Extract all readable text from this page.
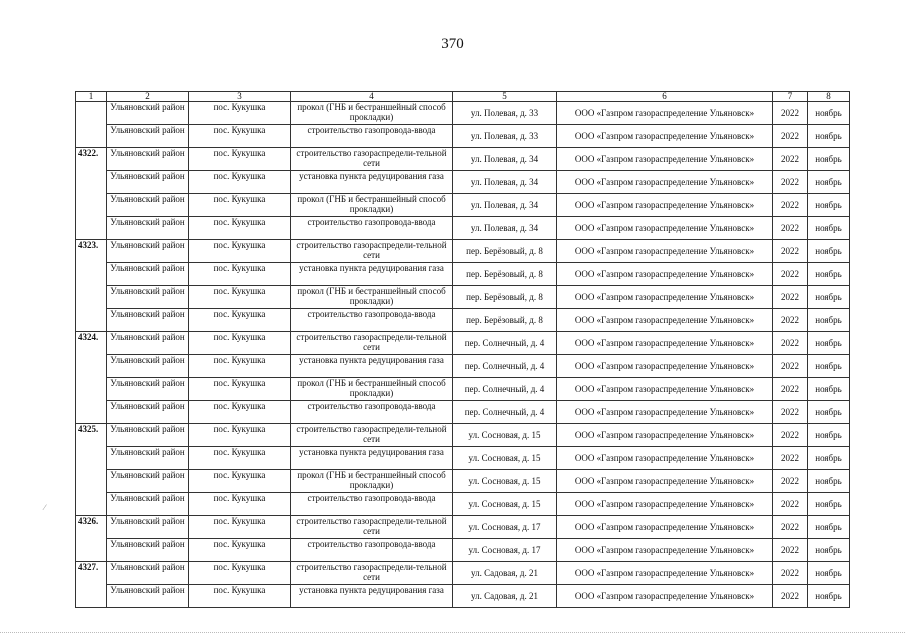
370
1	2	3	4	5	6	7	8
	Ульяновский район	пос. Кукушка	прокол (ГНБ и бестраншейный способ прокладки)	ул. Полевая, д. 33	ООО «Газпром газораспределение Ульяновск»	2022	ноябрь
	Ульяновский район	пос. Кукушка	строительство газопровода-ввода	ул. Полевая, д. 33	ООО «Газпром газораспределение Ульяновск»	2022	ноябрь
4322.	Ульяновский район	пос. Кукушка	строительство газораспредели-тельной сети	ул. Полевая, д. 34	ООО «Газпром газораспределение Ульяновск»	2022	ноябрь
	Ульяновский район	пос. Кукушка	установка пункта редуцирования газа	ул. Полевая, д. 34	ООО «Газпром газораспределение Ульяновск»	2022	ноябрь
	Ульяновский район	пос. Кукушка	прокол (ГНБ и бестраншейный способ прокладки)	ул. Полевая, д. 34	ООО «Газпром газораспределение Ульяновск»	2022	ноябрь
	Ульяновский район	пос. Кукушка	строительство газопровода-ввода	ул. Полевая, д. 34	ООО «Газпром газораспределение Ульяновск»	2022	ноябрь
4323.	Ульяновский район	пос. Кукушка	строительство газораспредели-тельной сети	пер. Берёзовый, д. 8	ООО «Газпром газораспределение Ульяновск»	2022	ноябрь
	Ульяновский район	пос. Кукушка	установка пункта редуцирования газа	пер. Берёзовый, д. 8	ООО «Газпром газораспределение Ульяновск»	2022	ноябрь
	Ульяновский район	пос. Кукушка	прокол (ГНБ и бестраншейный способ прокладки)	пер. Берёзовый, д. 8	ООО «Газпром газораспределение Ульяновск»	2022	ноябрь
	Ульяновский район	пос. Кукушка	строительство газопровода-ввода	пер. Берёзовый, д. 8	ООО «Газпром газораспределение Ульяновск»	2022	ноябрь
4324.	Ульяновский район	пос. Кукушка	строительство газораспредели-тельной сети	пер. Солнечный, д. 4	ООО «Газпром газораспределение Ульяновск»	2022	ноябрь
	Ульяновский район	пос. Кукушка	установка пункта редуцирования газа	пер. Солнечный, д. 4	ООО «Газпром газораспределение Ульяновск»	2022	ноябрь
	Ульяновский район	пос. Кукушка	прокол (ГНБ и бестраншейный способ прокладки)	пер. Солнечный, д. 4	ООО «Газпром газораспределение Ульяновск»	2022	ноябрь
	Ульяновский район	пос. Кукушка	строительство газопровода-ввода	пер. Солнечный, д. 4	ООО «Газпром газораспределение Ульяновск»	2022	ноябрь
4325.	Ульяновский район	пос. Кукушка	строительство газораспредели-тельной сети	ул. Сосновая, д. 15	ООО «Газпром газораспределение Ульяновск»	2022	ноябрь
	Ульяновский район	пос. Кукушка	установка пункта редуцирования газа	ул. Сосновая, д. 15	ООО «Газпром газораспределение Ульяновск»	2022	ноябрь
	Ульяновский район	пос. Кукушка	прокол (ГНБ и бестраншейный способ прокладки)	ул. Сосновая, д. 15	ООО «Газпром газораспределение Ульяновск»	2022	ноябрь
	Ульяновский район	пос. Кукушка	строительство газопровода-ввода	ул. Сосновая, д. 15	ООО «Газпром газораспределение Ульяновск»	2022	ноябрь
4326.	Ульяновский район	пос. Кукушка	строительство газораспредели-тельной сети	ул. Сосновая, д. 17	ООО «Газпром газораспределение Ульяновск»	2022	ноябрь
	Ульяновский район	пос. Кукушка	строительство газопровода-ввода	ул. Сосновая, д. 17	ООО «Газпром газораспределение Ульяновск»	2022	ноябрь
4327.	Ульяновский район	пос. Кукушка	строительство газораспредели-тельной сети	ул. Садовая, д. 21	ООО «Газпром газораспределение Ульяновск»	2022	ноябрь
	Ульяновский район	пос. Кукушка	установка пункта редуцирования газа	ул. Садовая, д. 21	ООО «Газпром газораспределение Ульяновск»	2022	ноябрь
⁄
